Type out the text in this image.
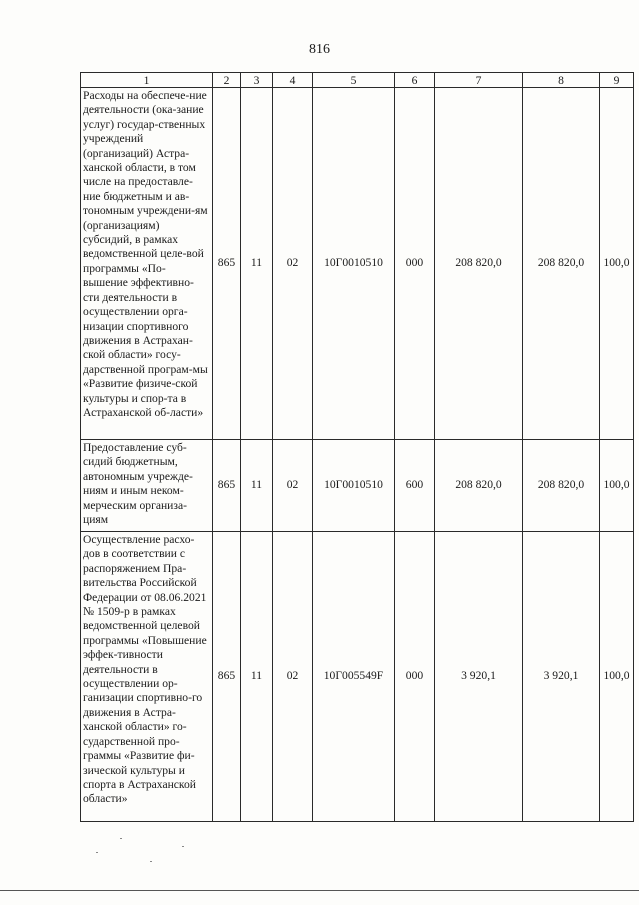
816
1	2	3	4	5	6	7	8	9
Расходы на обеспече-ние деятельности (ока-зание услуг) государ-ственных учреждений (организаций) Астра-ханской области, в том числе на предоставле-ние бюджетным и ав-тономным учреждени-ям (организациям) субсидий, в рамках ведомственной целе-вой программы «По-вышение эффективно-сти деятельности в осуществлении орга-низации спортивного движения в Астрахан-ской области» госу-дарственной програм-мы «Развитие физиче-ской культуры и спор-та в Астраханской об-ласти»	865	11	02	10Г0010510	000	208 820,0	208 820,0	100,0
Предоставление суб-сидий бюджетным, автономным учрежде-ниям и иным неком-мерческим организа-циям	865	11	02	10Г0010510	600	208 820,0	208 820,0	100,0
Осуществление расхо-дов в соответствии с распоряжением Пра-вительства Российской Федерации от 08.06.2021 № 1509-р в рамках ведомственной целевой программы «Повышение эффек-тивности деятельности в осуществлении ор-ганизации спортивно-го движения в Астра-ханской области» го-сударственной про-граммы «Развитие фи-зической культуры и спорта в Астраханской области»	865	11	02	10Г005549F	000	3 920,1	3 920,1	100,0
